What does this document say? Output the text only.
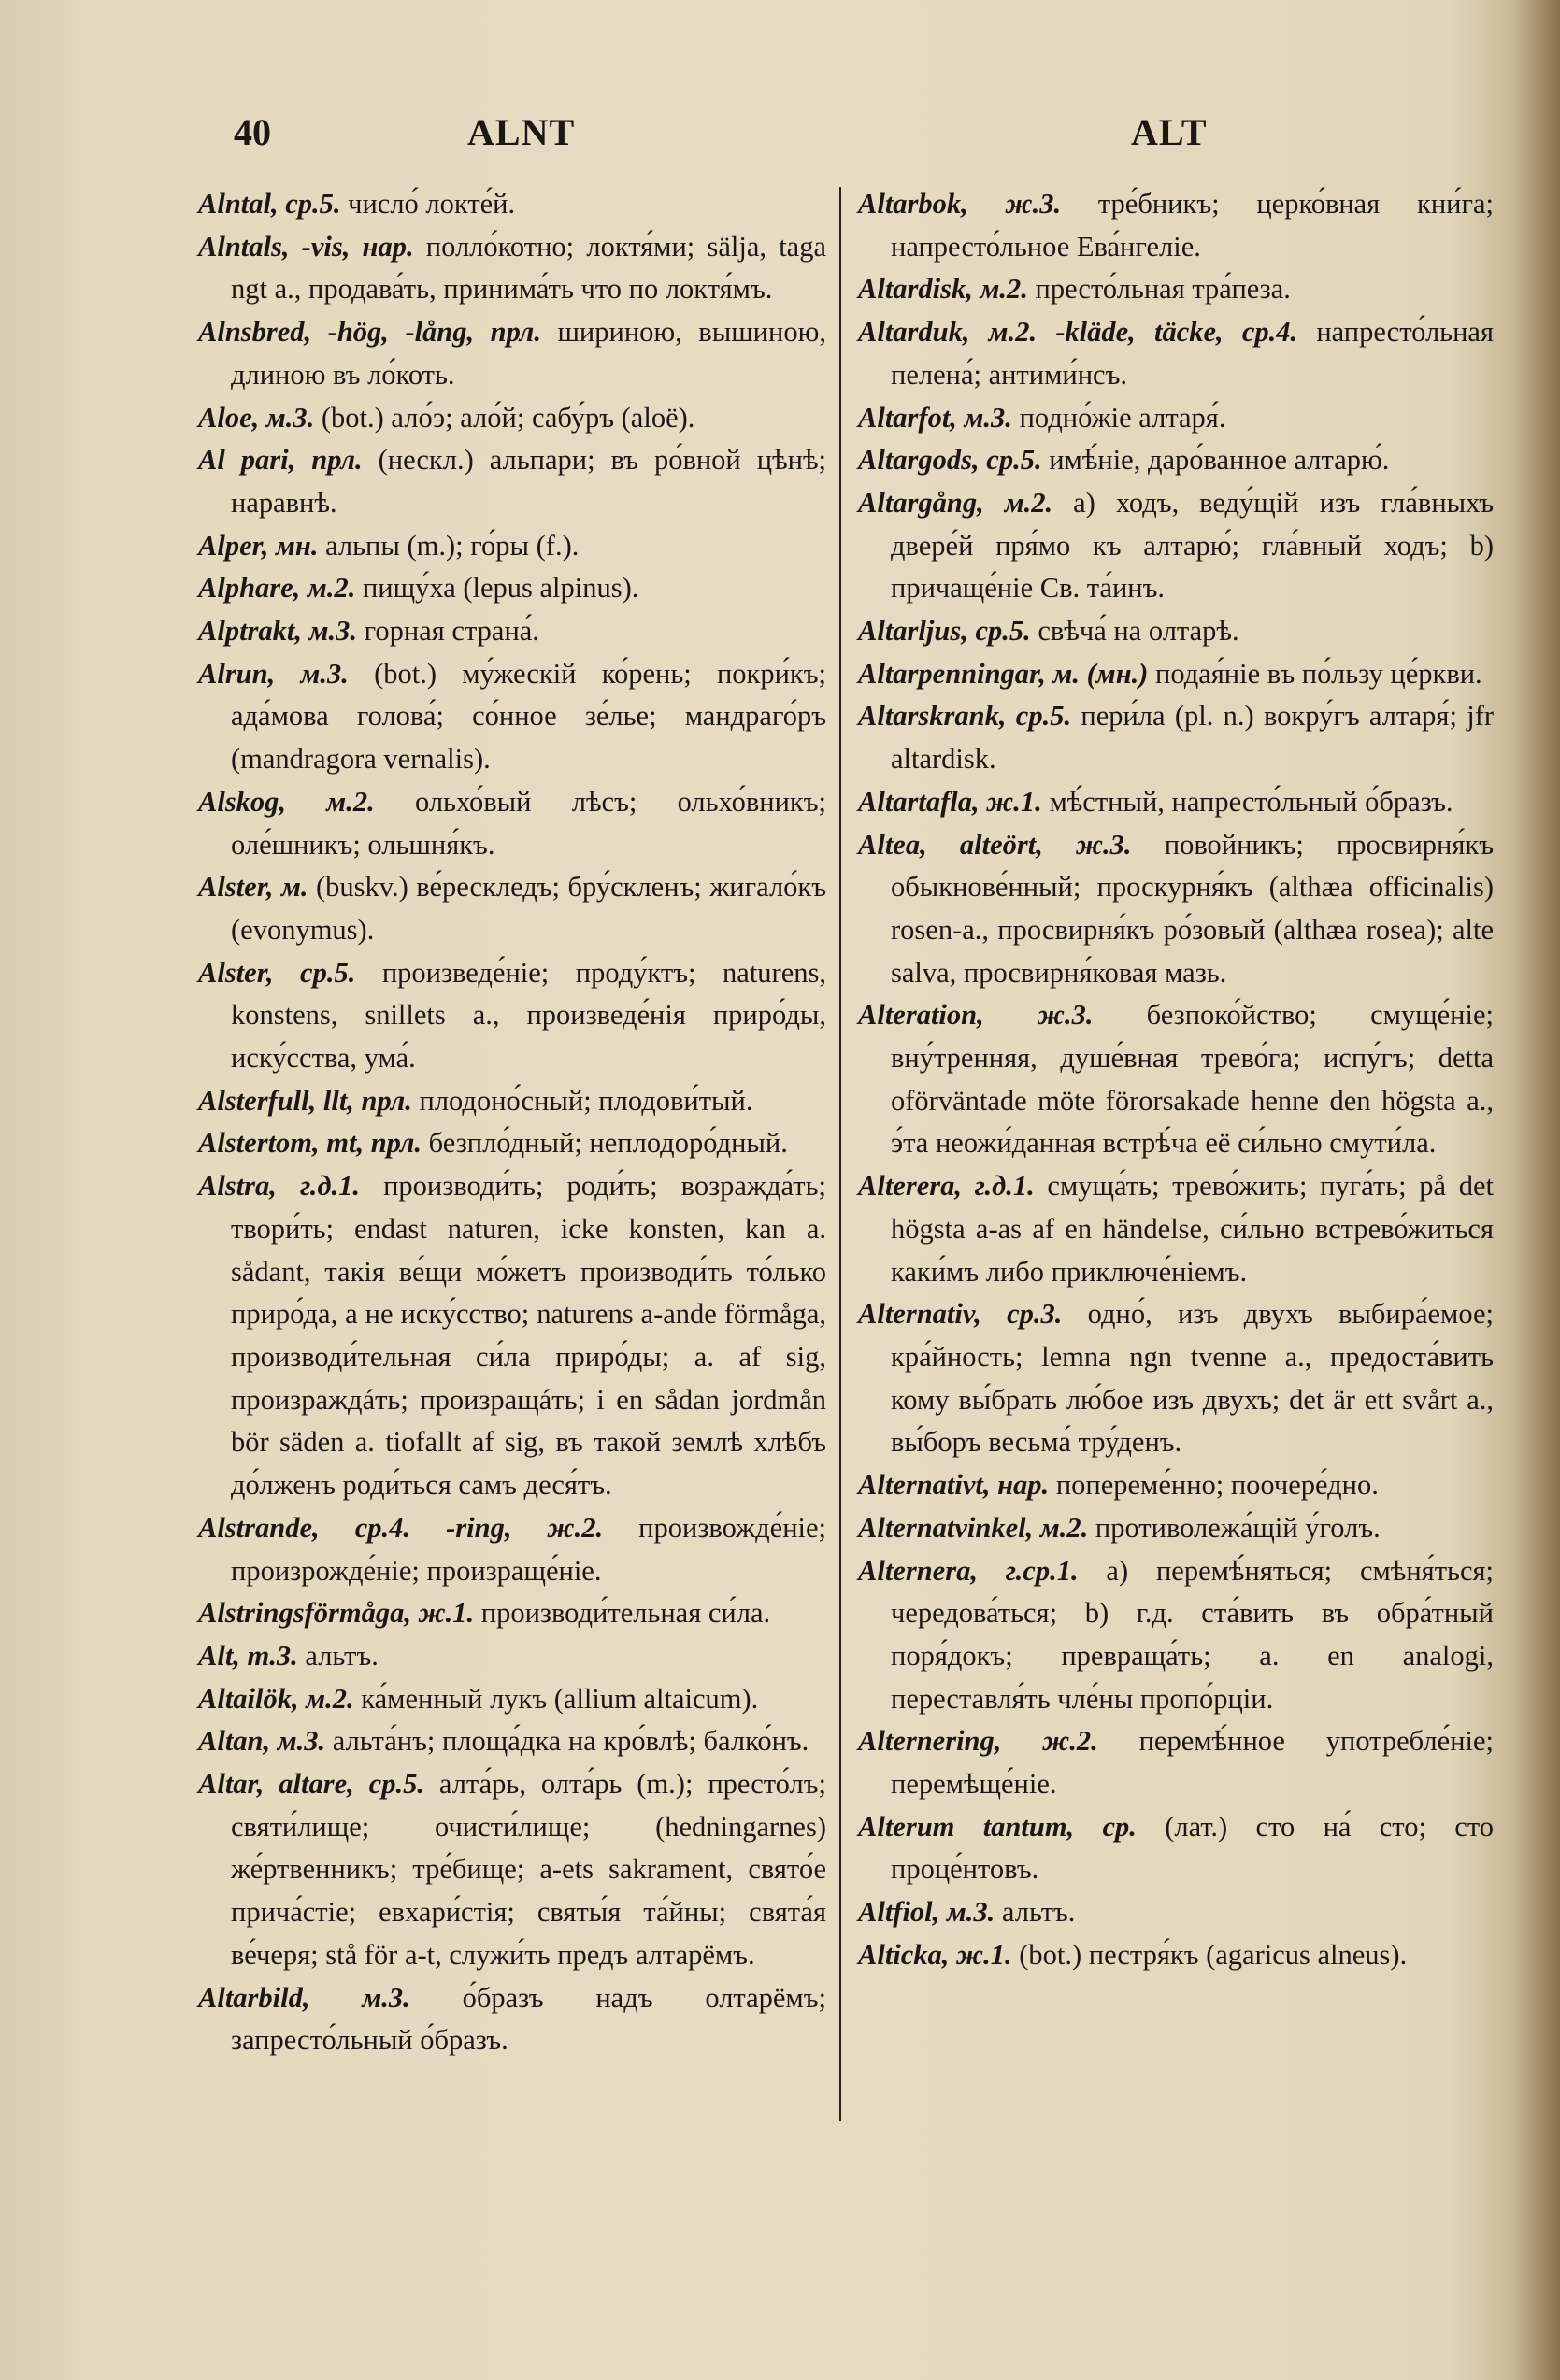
40	ALNT	ALT

Alntal, ср.5. число́ локте́й.

Alntals, -vis, нар. полло́котно; локтя́ми; sälja, taga ngt a., продава́ть, принима́ть что по локтя́мъ.

Alnsbred, -hög, -lång, прл. шириною, вышиною, длиною въ ло́коть.

Aloe, м.3. (bot.) ало́э; ало́й; сабу́ръ (aloë).

Al pari, прл. (нескл.) альпари; въ ро́вной цѣнѣ; наравнѣ.

Alper, мн. альпы (m.); го́ры (f.).

Alphare, м.2. пищу́ха (lepus alpinus).

Alptrakt, м.3. горная страна́.

Alrun, м.3. (bot.) му́жескій ко́рень; покри́къ; ада́мова голова́; со́нное зе́лье; мандраго́ръ (mandragora vernalis).

Alskog, м.2. ольхо́вый лѣсъ; ольхо́вникъ; оле́шникъ; ольшня́къ.

Alster, м. (buskv.) ве́рескледъ; бру́скленъ; жигало́къ (evonymus).

Alster, ср.5. произведе́ніе; проду́ктъ; naturens, konstens, snillets a., произведе́нія приро́ды, иску́сства, ума́.

Alsterfull, llt, прл. плодоно́сный; плодови́тый.

Alstertom, mt, прл. безпло́дный; неплодоро́дный.

Alstra, г.д.1. производи́ть; роди́ть; возражда́ть; твори́ть; endast naturen, icke konsten, kan a. sådant, такія ве́щи мо́жетъ производи́ть то́лько приро́да, а не иску́сство; naturens a-ande förmåga, производи́тельная си́ла приро́ды; a. af sig, произраждáть; произращáть; i en sådan jordmån bör säden a. tiofallt af sig, въ такой землѣ хлѣбъ до́лженъ роди́ться самъ деся́тъ.

Alstrande, ср.4. -ring, ж.2. произвожде́ніе; произрожде́ніе; произраще́ніе.

Alstringsförmåga, ж.1. производи́тельная си́ла.

Alt, m.3. альтъ.

Altailök, м.2. ка́менный лукъ (allium altaicum).

Altan, м.3. альта́нъ; площа́дка на кро́влѣ; балко́нъ.

Altar, altare, ср.5. алта́рь, олта́рь (m.); престо́лъ; святи́лище; очисти́лище; (hedningarnes) же́ртвенникъ; тре́бище; a-ets sakrament, свято́е прича́стіе; евхари́стія; святы́я та́йны; свята́я ве́черя; stå för a-t, служи́ть предъ алтарёмъ.

Altarbild, м.3. о́бразъ надъ олтарёмъ; запресто́льный о́бразъ.

Altarbok, ж.3. тре́бникъ; церко́вная кни́га; напресто́льное Ева́нгеліе.

Altardisk, м.2. престо́льная тра́пеза.

Altarduk, м.2. -kläde, täcke, ср.4. напресто́льная пелена́; антими́нсъ.

Altarfot, м.3. подно́жіе алтаря́.

Altargods, ср.5. имѣ́ніе, даро́ванное алтарю́.

Altargång, м.2. a) ходъ, веду́щій изъ гла́вныхъ двере́й пря́мо къ алтарю́; гла́вный ходъ; b) причаще́ніе Св. та́инъ.

Altarljus, ср.5. свѣча́ на олтарѣ.

Altarpenningar, м. (мн.) подая́ніе въ по́льзу це́ркви.

Altarskrank, ср.5. пери́ла (pl. n.) вокру́гъ алтаря́; jfr altardisk.

Altartafla, ж.1. мѣ́стный, напресто́льный о́бразъ.

Altea, alteört, ж.3. повойникъ; просвирня́къ обыкнове́нный; проскурня́къ (althæa officinalis) rosen-a., просвирня́къ ро́зовый (althæa rosea); alte salva, просвирня́ковая мазь.

Alteration, ж.3. безпоко́йство; смуще́ніе; вну́тренняя, душе́вная трево́га; испу́гъ; detta oförväntade möte förorsakade henne den högsta a., э́та неожи́данная встрѣ́ча её си́льно смути́ла.

Alterera, г.д.1. смуща́ть; трево́жить; пуга́ть; på det högsta a-as af en händelse, си́льно встрево́житься каки́мъ либо приключе́ніемъ.

Alternativ, ср.3. одно́, изъ двухъ выбира́емое; кра́йность; lemna ngn tvenne a., предоста́вить кому вы́брать лю́бое изъ двухъ; det är ett svårt a., вы́боръ весьма́ тру́денъ.

Alternativt, нар. попереме́нно; поочере́дно.

Alternatvinkel, м.2. противолежа́щій у́голъ.

Alternera, г.ср.1. a) перемѣ́няться; смѣня́ться; чередова́ться; b) г.д. ста́вить въ обра́тный поря́докъ; превраща́ть; a. en analogi, переставля́ть чле́ны пропо́рціи.

Alternering, ж.2. перемѣ́нное употребле́ніе; перемѣще́ніе.

Alterum tantum, ср. (лат.) сто на́ сто; сто проце́нтовъ.

Altfiol, м.3. альтъ.

Alticka, ж.1. (bot.) пестря́къ (agaricus alneus).
